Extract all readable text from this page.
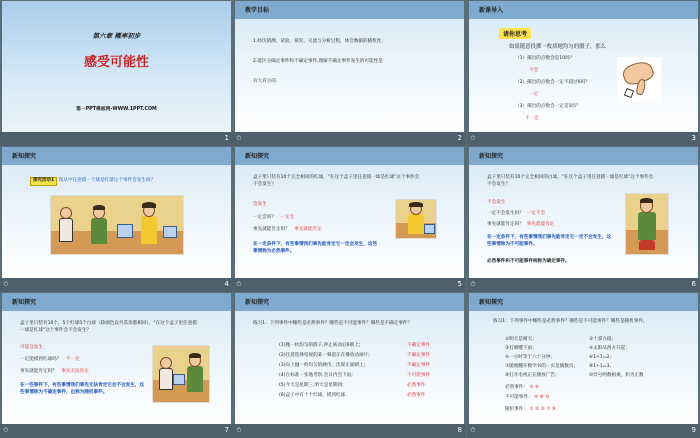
第六章 概率初步
感受可能性
第一PPT模板网-WWW.1PPT.COM
1
教学目标
1.经历猜测、试验、探究、交流与分析过程，体会数据的随机性.
2.能区分确定事件和不确定事件,理解不确定事件发生的可能性是
有大有小的.
✩	2
新课导入
请你思考
如果随意投掷一枚质地均匀的骰子，那么
（1）掷出的点数会是10吗？
不会
（2）掷出的点数会一定不超过6吗？
一定
（3）掷出的点数会一定是1吗？
不一定
✩	3
新知探究
探究活动1 现从中任意摸一个球是红球这个事件会发生吗？
✩	4
新知探究
盒子里只装有10个完全相同的红球，"在这个盒子里任意摸一球是红球"这个事件会不会发生？
会发生
一定会吗？ 一定会
事先就能肯定吗？ 事先就能肯定
在一定条件下，有些事情我们事先能肯定它一定会发生，这些事情称为必然事件。
✩	5
新知探究
盒子里只装有10个完全相同的白球，"在这个盒子里任意摸一球是红球"这个事件会不会发生？
不会发生
一定不会发生吗？ 一定不会
事先就能肯定吗？ 事先就能肯定
在一定条件下，有些事情我们事先能肯定它一定不会发生，这些事情称为不可能事件。
必然事件和不可能事件统称为确定事件。
✩	6
新知探究
盒子里只装有10个，5个红球5个白球（除颜色以外其余都相同），"在这个盒子里任意摸一球是红球"这个事件会不会发生？
可能会发生
一定能摸到红球吗？ 不一定
事先就能肯定吗？ 事先无法肯定
在一些事件下，有些事情我们事先无法肯定它会不会发生，这些事情称为不确定事件，也称为随机事件。
✩	7
新知探究
练习1：下列事件中哪些是必然事件？哪些是不可能事件？哪些是不确定事件？
(1)抛一枚均匀的骰子,停止转动后6朝上;	不确定事件
(2)任意选择电视的某一频道正在播放动画片;	不确定事件
(3)向上抛一枚均匀的硬币，出现正面朝上;	不确定事件
(4)在标准一张地考察,会日内会下雨;	不可能事件
(5)今天是星期三,明天是星期四;	必然事件
(6)盒子中有十个红球，摸到红球.	必然事件
✩	8
新知探究
练习1：下列事件中哪些是必然事件？哪些是不可能事件？哪些是随机事件。
①明天是晴天；	②十拿九稳；
③打喷嚏下雨；	④太阳从西方升起；
⑤一小时等于六十分钟；	⑥1+1=2；
⑦随便翻开数学书的一页是偶数页； ⑧1+1=3；
⑨打开电视正在播放广告；	⑩异号两数相乘，积为正数
必然事件： ⑤ ⑥
不可能事件： ④ ⑧ ⑩
随机事件： ① ② ③ ⑦ ⑨
✩	9
